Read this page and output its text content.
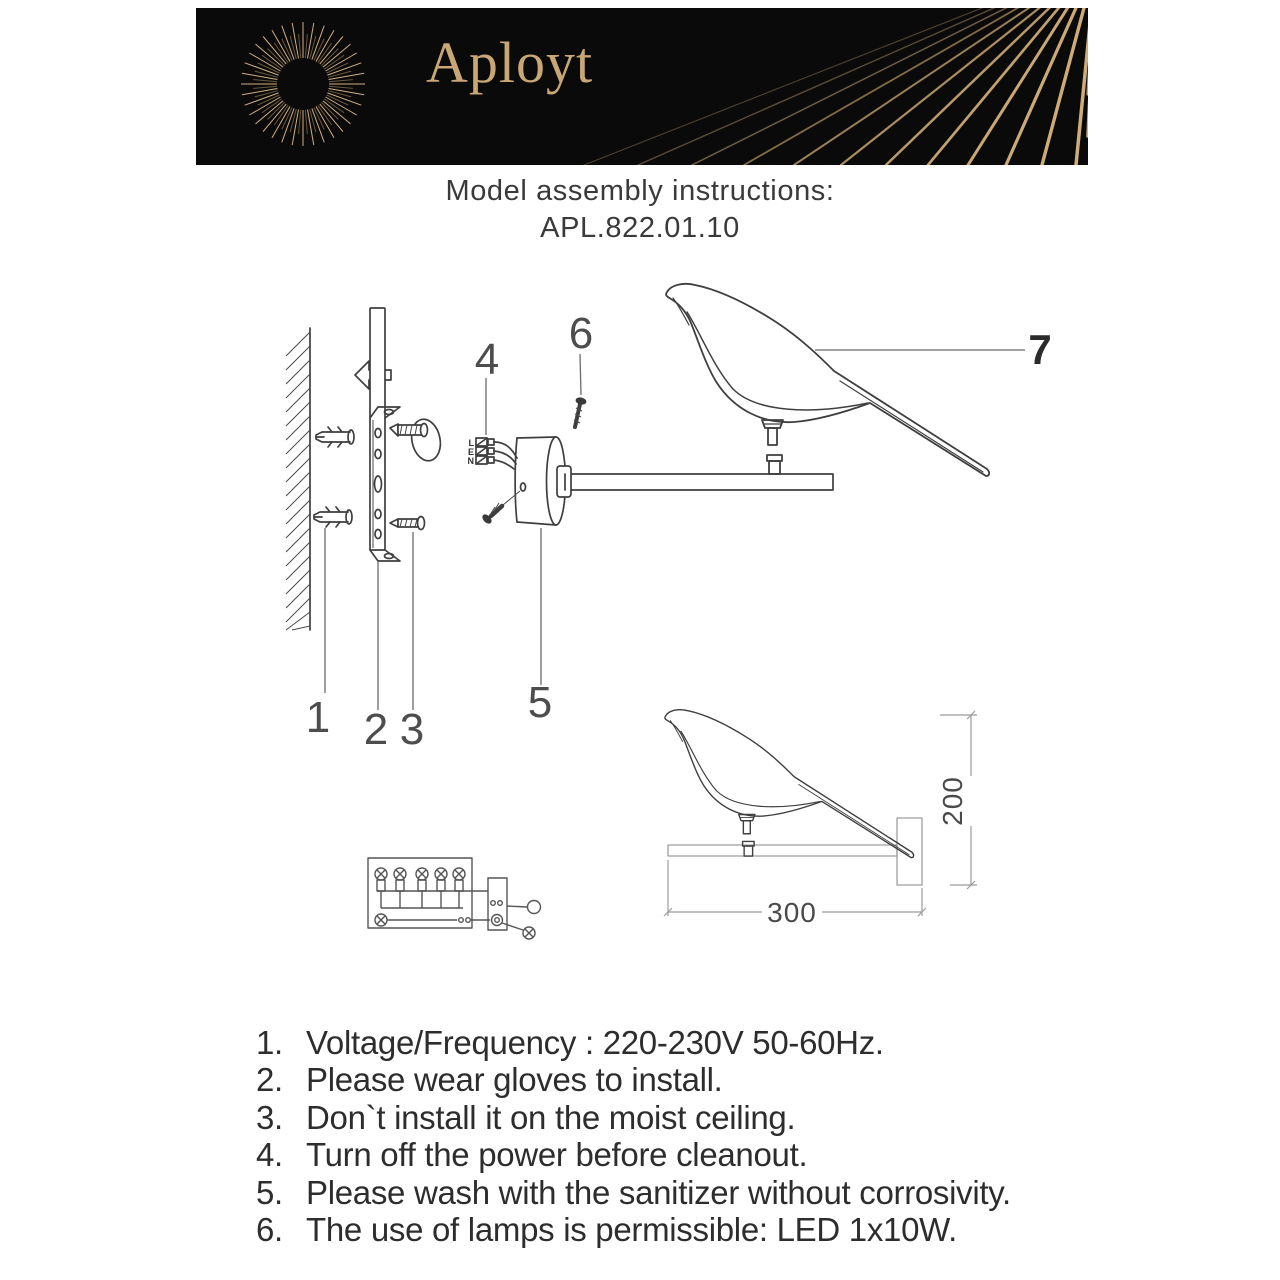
Aployt
Model assembly instructions:
APL.822.01.10
L
E
N
1 2 3
4
5
6	7
300
200
1. Voltage/Frequency : 220-230V 50-60Hz.
2. Please wear gloves to install.
3. Don`t install it on the moist ceiling.
4. Turn off the power before cleanout.
5. Please wash with the sanitizer without corrosivity.
6. The use of lamps is permissible: LED 1x10W.
